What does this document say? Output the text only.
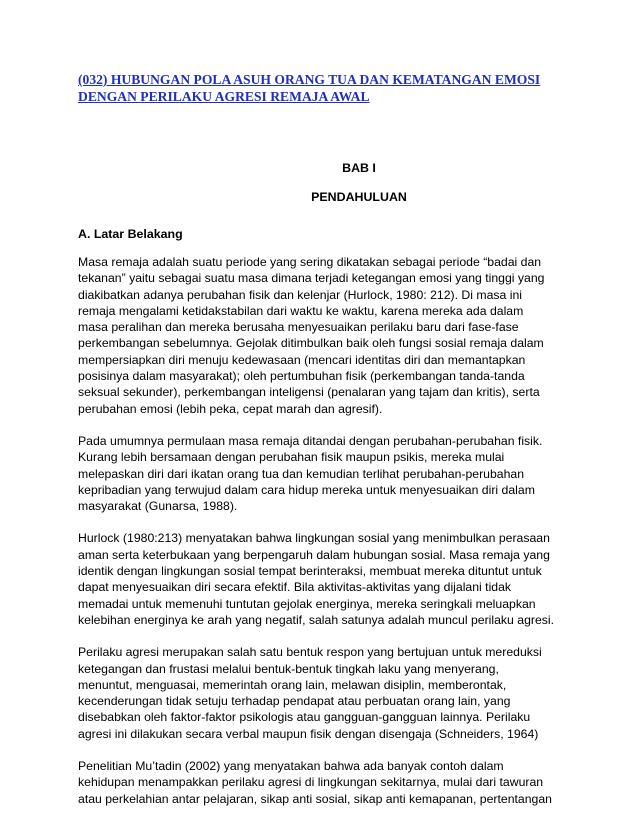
(032) HUBUNGAN POLA ASUH ORANG TUA DAN KEMATANGAN EMOSI
DENGAN PERILAKU AGRESI REMAJA AWAL

BAB I

PENDAHULUAN

A. Latar Belakang

Masa remaja adalah suatu periode yang sering dikatakan sebagai periode “badai dan
tekanan” yaitu sebagai suatu masa dimana terjadi ketegangan emosi yang tinggi yang
diakibatkan adanya perubahan fisik dan kelenjar (Hurlock, 1980: 212). Di masa ini
remaja mengalami ketidakstabilan dari waktu ke waktu, karena mereka ada dalam
masa peralihan dan mereka berusaha menyesuaikan perilaku baru dari fase-fase
perkembangan sebelumnya. Gejolak ditimbulkan baik oleh fungsi sosial remaja dalam
mempersiapkan diri menuju kedewasaan (mencari identitas diri dan memantapkan
posisinya dalam masyarakat); oleh pertumbuhan fisik (perkembangan tanda-tanda
seksual sekunder), perkembangan inteligensi (penalaran yang tajam dan kritis), serta
perubahan emosi (lebih peka, cepat marah dan agresif).

Pada umumnya permulaan masa remaja ditandai dengan perubahan-perubahan fisik.
Kurang lebih bersamaan dengan perubahan fisik maupun psikis, mereka mulai
melepaskan diri dari ikatan orang tua dan kemudian terlihat perubahan-perubahan
kepribadian yang terwujud dalam cara hidup mereka untuk menyesuaikan diri dalam
masyarakat (Gunarsa, 1988).

Hurlock (1980:213) menyatakan bahwa lingkungan sosial yang menimbulkan perasaan
aman serta keterbukaan yang berpengaruh dalam hubungan sosial. Masa remaja yang
identik dengan lingkungan sosial tempat berinteraksi, membuat mereka dituntut untuk
dapat menyesuaikan diri secara efektif. Bila aktivitas-aktivitas yang dijalani tidak
memadai untuk memenuhi tuntutan gejolak energinya, mereka seringkali meluapkan
kelebihan energinya ke arah yang negatif, salah satunya adalah muncul perilaku agresi.

Perilaku agresi merupakan salah satu bentuk respon yang bertujuan untuk mereduksi
ketegangan dan frustasi melalui bentuk-bentuk tingkah laku yang menyerang,
menuntut, menguasai, memerintah orang lain, melawan disiplin, memberontak,
kecenderungan tidak setuju terhadap pendapat atau perbuatan orang lain, yang
disebabkan oleh faktor-faktor psikologis atau gangguan-gangguan lainnya. Perilaku
agresi ini dilakukan secara verbal maupun fisik dengan disengaja (Schneiders, 1964)

Penelitian Mu’tadin (2002) yang menyatakan bahwa ada banyak contoh dalam
kehidupan menampakkan perilaku agresi di lingkungan sekitarnya, mulai dari tawuran
atau perkelahian antar pelajaran, sikap anti sosial, sikap anti kemapanan, pertentangan
